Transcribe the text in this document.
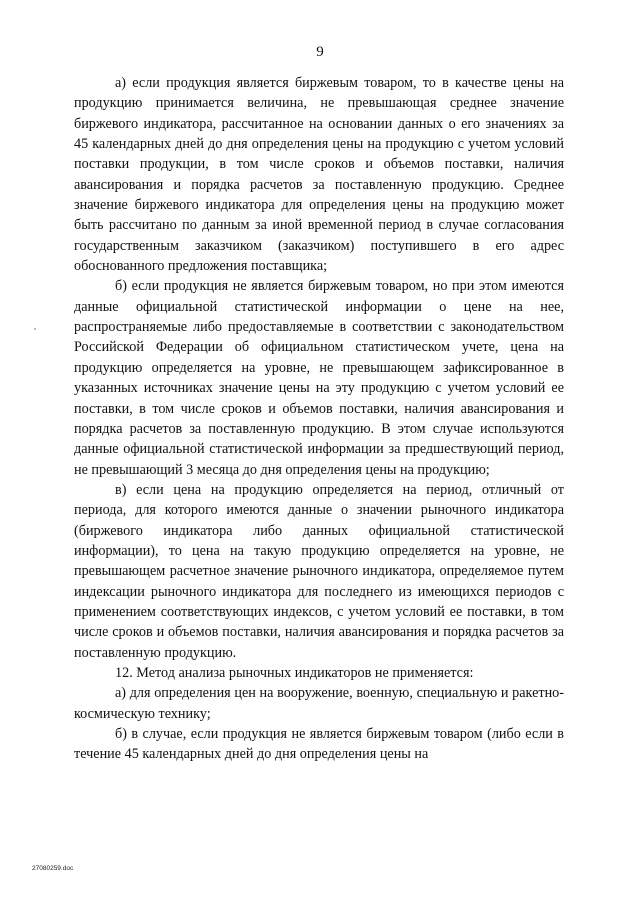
9

а) если продукция является биржевым товаром, то в качестве цены на продукцию принимается величина, не превышающая среднее значение биржевого индикатора, рассчитанное на основании данных о его значениях за 45 календарных дней до дня определения цены на продукцию с учетом условий поставки продукции, в том числе сроков и объемов поставки, наличия авансирования и порядка расчетов за поставленную продукцию. Среднее значение биржевого индикатора для определения цены на продукцию может быть рассчитано по данным за иной временной период в случае согласования государственным заказчиком (заказчиком) поступившего в его адрес обоснованного предложения поставщика;

б) если продукция не является биржевым товаром, но при этом имеются данные официальной статистической информации о цене на нее, распространяемые либо предоставляемые в соответствии с законодательством Российской Федерации об официальном статистическом учете, цена на продукцию определяется на уровне, не превышающем зафиксированное в указанных источниках значение цены на эту продукцию с учетом условий ее поставки, в том числе сроков и объемов поставки, наличия авансирования и порядка расчетов за поставленную продукцию. В этом случае используются данные официальной статистической информации за предшествующий период, не превышающий 3 месяца до дня определения цены на продукцию;

в) если цена на продукцию определяется на период, отличный от периода, для которого имеются данные о значении рыночного индикатора (биржевого индикатора либо данных официальной статистической информации), то цена на такую продукцию определяется на уровне, не превышающем расчетное значение рыночного индикатора, определяемое путем индексации рыночного индикатора для последнего из имеющихся периодов с применением соответствующих индексов, с учетом условий ее поставки, в том числе сроков и объемов поставки, наличия авансирования и порядка расчетов за поставленную продукцию.

12. Метод анализа рыночных индикаторов не применяется:

а) для определения цен на вооружение, военную, специальную и ракетно-космическую технику;

б) в случае, если продукция не является биржевым товаром (либо если в течение 45 календарных дней до дня определения цены на

27080259.doc
